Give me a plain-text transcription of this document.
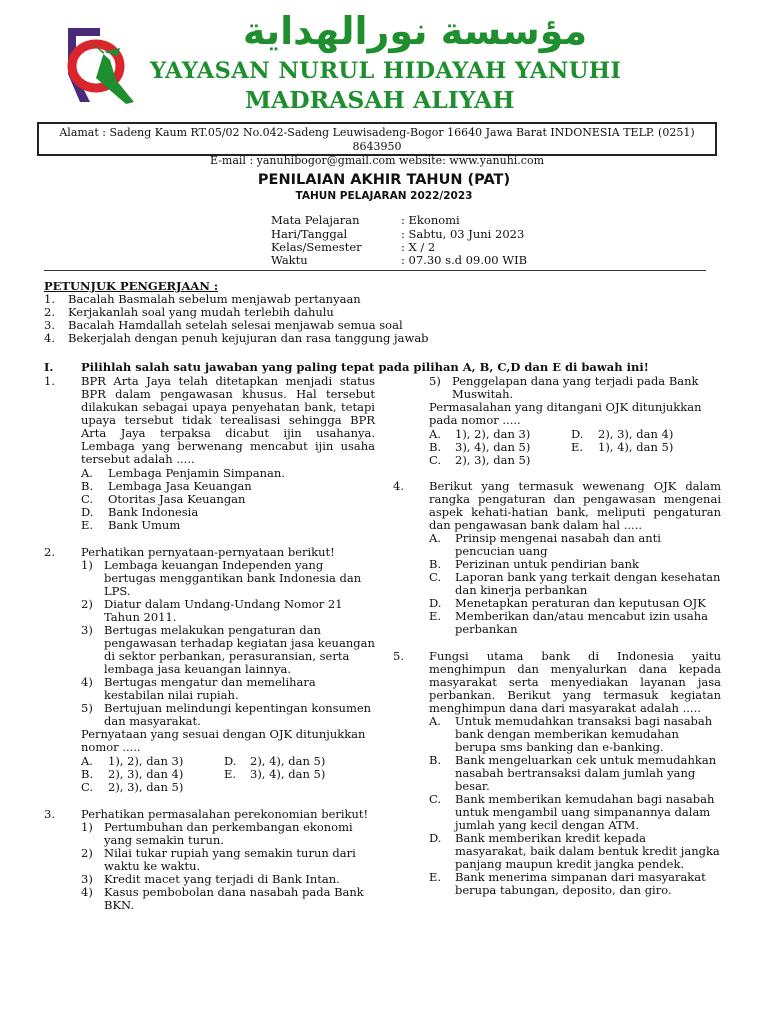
مؤسسة نورالهداية
YAYASAN NURUL HIDAYAH YANUHI
MADRASAH ALIYAH
Alamat : Sadeng Kaum RT.05/02 No.042-Sadeng Leuwisadeng-Bogor 16640 Jawa Barat INDONESIA TELP. (0251) 8643950
E-mail : yanuhibogor@gmail.com website: www.yanuhi.com
PENILAIAN AKHIR TAHUN (PAT)
TAHUN PELAJARAN 2022/2023
Mata Pelajaran	: Ekonomi
Hari/Tanggal	: Sabtu, 03 Juni 2023
Kelas/Semester	: X / 2
Waktu	: 07.30 s.d 09.00 WIB
PETUNJUK PENGERJAAN :
1. Bacalah Basmalah sebelum menjawab pertanyaan
2. Kerjakanlah soal yang mudah terlebih dahulu
3. Bacalah Hamdallah setelah selesai menjawab semua soal
4. Bekerjalah dengan penuh kejujuran dan rasa tanggung jawab
I. Pilihlah salah satu jawaban yang paling tepat pada pilihan A, B, C,D dan E di bawah ini!
1. BPR Arta Jaya telah ditetapkan menjadi status
BPR dalam pengawasan khusus. Hal tersebut
dilakukan sebagai upaya penyehatan bank, tetapi
upaya tersebut tidak terealisasi sehingga BPR
Arta Jaya terpaksa dicabut ijin usahanya.
Lembaga yang berwenang mencabut ijin usaha
tersebut adalah .....
A. Lembaga Penjamin Simpanan.
B. Lembaga Jasa Keuangan
C. Otoritas Jasa Keuangan
D. Bank Indonesia
E. Bank Umum
2. Perhatikan pernyataan-pernyataan berikut!
1) Lembaga keuangan Independen yang
bertugas menggantikan bank Indonesia dan
LPS.
2) Diatur dalam Undang-Undang Nomor 21
Tahun 2011.
3) Bertugas melakukan pengaturan dan
pengawasan terhadap kegiatan jasa keuangan
di sektor perbankan, perasuransian, serta
lembaga jasa keuangan lainnya.
4) Bertugas mengatur dan memelihara
kestabilan nilai rupiah.
5) Bertujuan melindungi kepentingan konsumen
dan masyarakat.
Pernyataan yang sesuai dengan OJK ditunjukkan
nomor .....
A. 1), 2), dan 3)
B. 2), 3), dan 4)
C. 2), 3), dan 5)
D. 2), 4), dan 5)
E. 3), 4), dan 5)
3. Perhatikan permasalahan perekonomian berikut!
1) Pertumbuhan dan perkembangan ekonomi
yang semakin turun.
2) Nilai tukar rupiah yang semakin turun dari
waktu ke waktu.
3) Kredit macet yang terjadi di Bank Intan.
4) Kasus pembobolan dana nasabah pada Bank
BKN.
5) Penggelapan dana yang terjadi pada Bank
Muswitah.
Permasalahan yang ditangani OJK ditunjukkan
pada nomor .....
A. 1), 2), dan 3)
B. 3), 4), dan 5)
C. 2), 3), dan 5)
D. 2), 3), dan 4)
E. 1), 4), dan 5)
4. Berikut yang termasuk wewenang OJK dalam
rangka pengaturan dan pengawasan mengenai
aspek kehati-hatian bank, meliputi pengaturan
dan pengawasan bank dalam hal .....
A. Prinsip mengenai nasabah dan anti
pencucian uang
B. Perizinan untuk pendirian bank
C. Laporan bank yang terkait dengan kesehatan
dan kinerja perbankan
D. Menetapkan peraturan dan keputusan OJK
E. Memberikan dan/atau mencabut izin usaha
perbankan
5. Fungsi utama bank di Indonesia yaitu
menghimpun dan menyalurkan dana kepada
masyarakat serta menyediakan layanan jasa
perbankan. Berikut yang termasuk kegiatan
menghimpun dana dari masyarakat adalah .....
A. Untuk memudahkan transaksi bagi nasabah
bank dengan memberikan kemudahan
berupa sms banking dan e-banking.
B. Bank mengeluarkan cek untuk memudahkan
nasabah bertransaksi dalam jumlah yang
besar.
C. Bank memberikan kemudahan bagi nasabah
untuk mengambil uang simpanannya dalam
jumlah yang kecil dengan ATM.
D. Bank memberikan kredit kepada
masyarakat, baik dalam bentuk kredit jangka
panjang maupun kredit jangka pendek.
E. Bank menerima simpanan dari masyarakat
berupa tabungan, deposito, dan giro.
